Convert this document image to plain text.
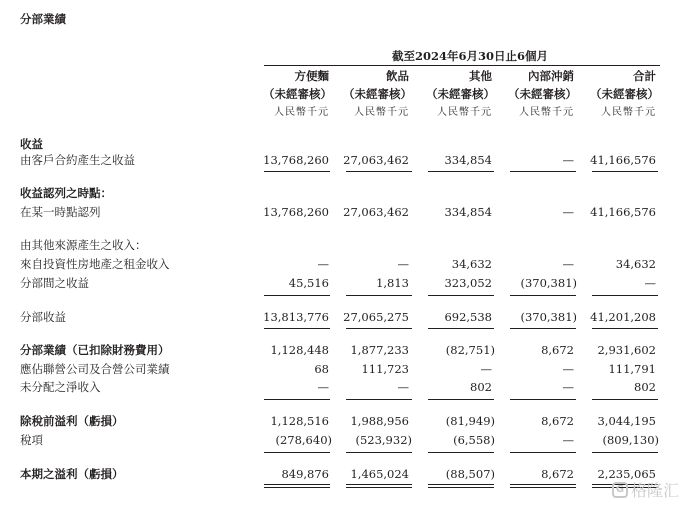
分部業績
截至2024年6月30日止6個月
方便麵	飲品	其他	內部沖銷	合計
（未經審核） （未經審核） （未經審核） （未經審核） （未經審核）
人民幣千元	人民幣千元	人民幣千元	人民幣千元	人民幣千元
收益
由客戶合約產生之收益	13,768,260 27,063,462	334,854	— 41,166,576
收益認列之時點：
在某一時點認列	13,768,260 27,063,462	334,854	— 41,166,576
由其他來源產生之收入：
來自投資性房地產之租金收入	—	—	34,632	—	34,632
分部間之收益	45,516	1,813	323,052 (370,381)	—
分部收益	13,813,776 27,065,275	692,538 (370,381) 41,201,208
分部業績（已扣除財務費用）	1,128,448 1,877,233	(82,751)	8,672 2,931,602
應佔聯營公司及合營公司業績	68	111,723	—	—	111,791
未分配之淨收入	—	—	802	—	802
除稅前溢利（虧損）	1,128,516 1,988,956	(81,949)	8,672 3,044,195
稅項	(278,640) (523,932)	(6,558)	— (809,130)
本期之溢利（虧損）	849,876 1,465,024	(88,507)	8,672 2,235,065
G 格隆汇
